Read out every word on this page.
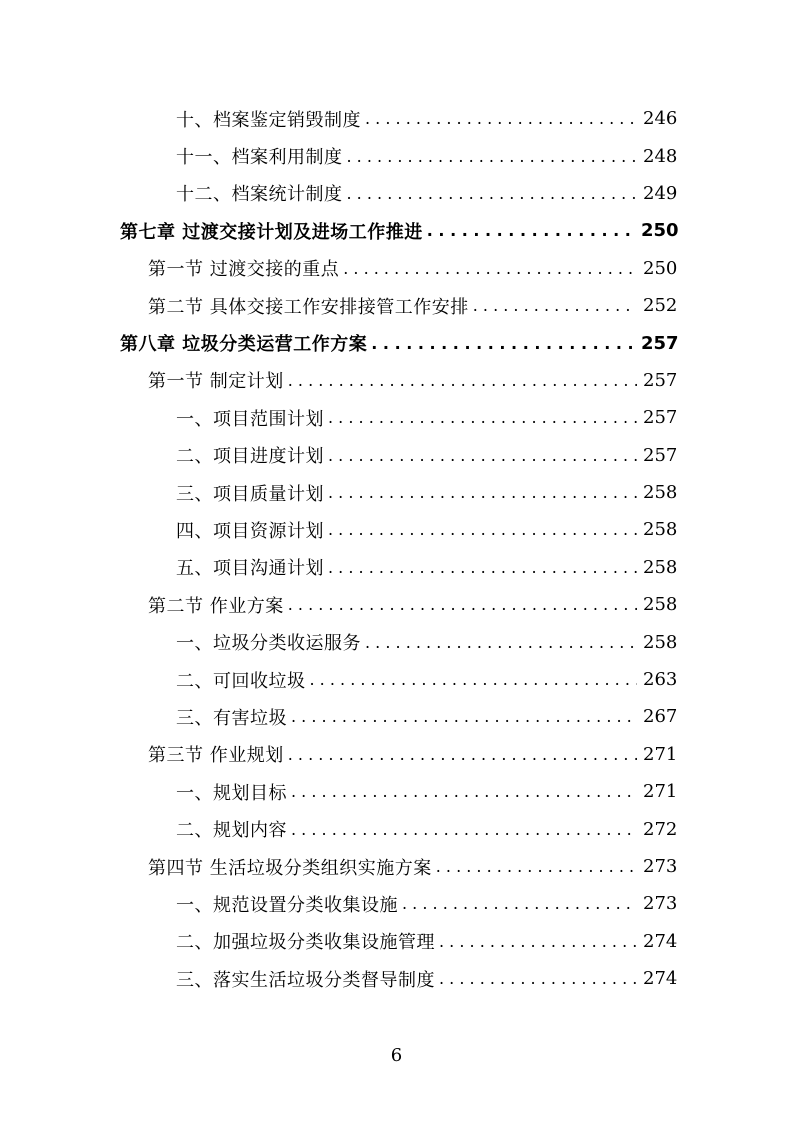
十、档案鉴定销毁制度 . . .	246
十一、档案利用制度 . . .	248
十二、档案统计制度 . . .	249
第七章 过渡交接计划及进场工作推进 . . .	250
第一节 过渡交接的重点 . . .	250
第二节 具体交接工作安排接管工作安排 . . .	252
第八章 垃圾分类运营工作方案 . . .	257
第一节 制定计划 . . .	257
一、项目范围计划 . . .	257
二、项目进度计划 . . .	257
三、项目质量计划 . . .	258
四、项目资源计划 . . .	258
五、项目沟通计划 . . .	258
第二节 作业方案 . . .	258
一、垃圾分类收运服务 . . .	258
二、可回收垃圾 . . .	263
三、有害垃圾 . . .	267
第三节 作业规划 . . .	271
一、规划目标 . . .	271
二、规划内容 . . .	272
第四节 生活垃圾分类组织实施方案 . . .	273
一、规范设置分类收集设施 . . .	273
二、加强垃圾分类收集设施管理 . . .	274
三、落实生活垃圾分类督导制度 . . .	274
6
